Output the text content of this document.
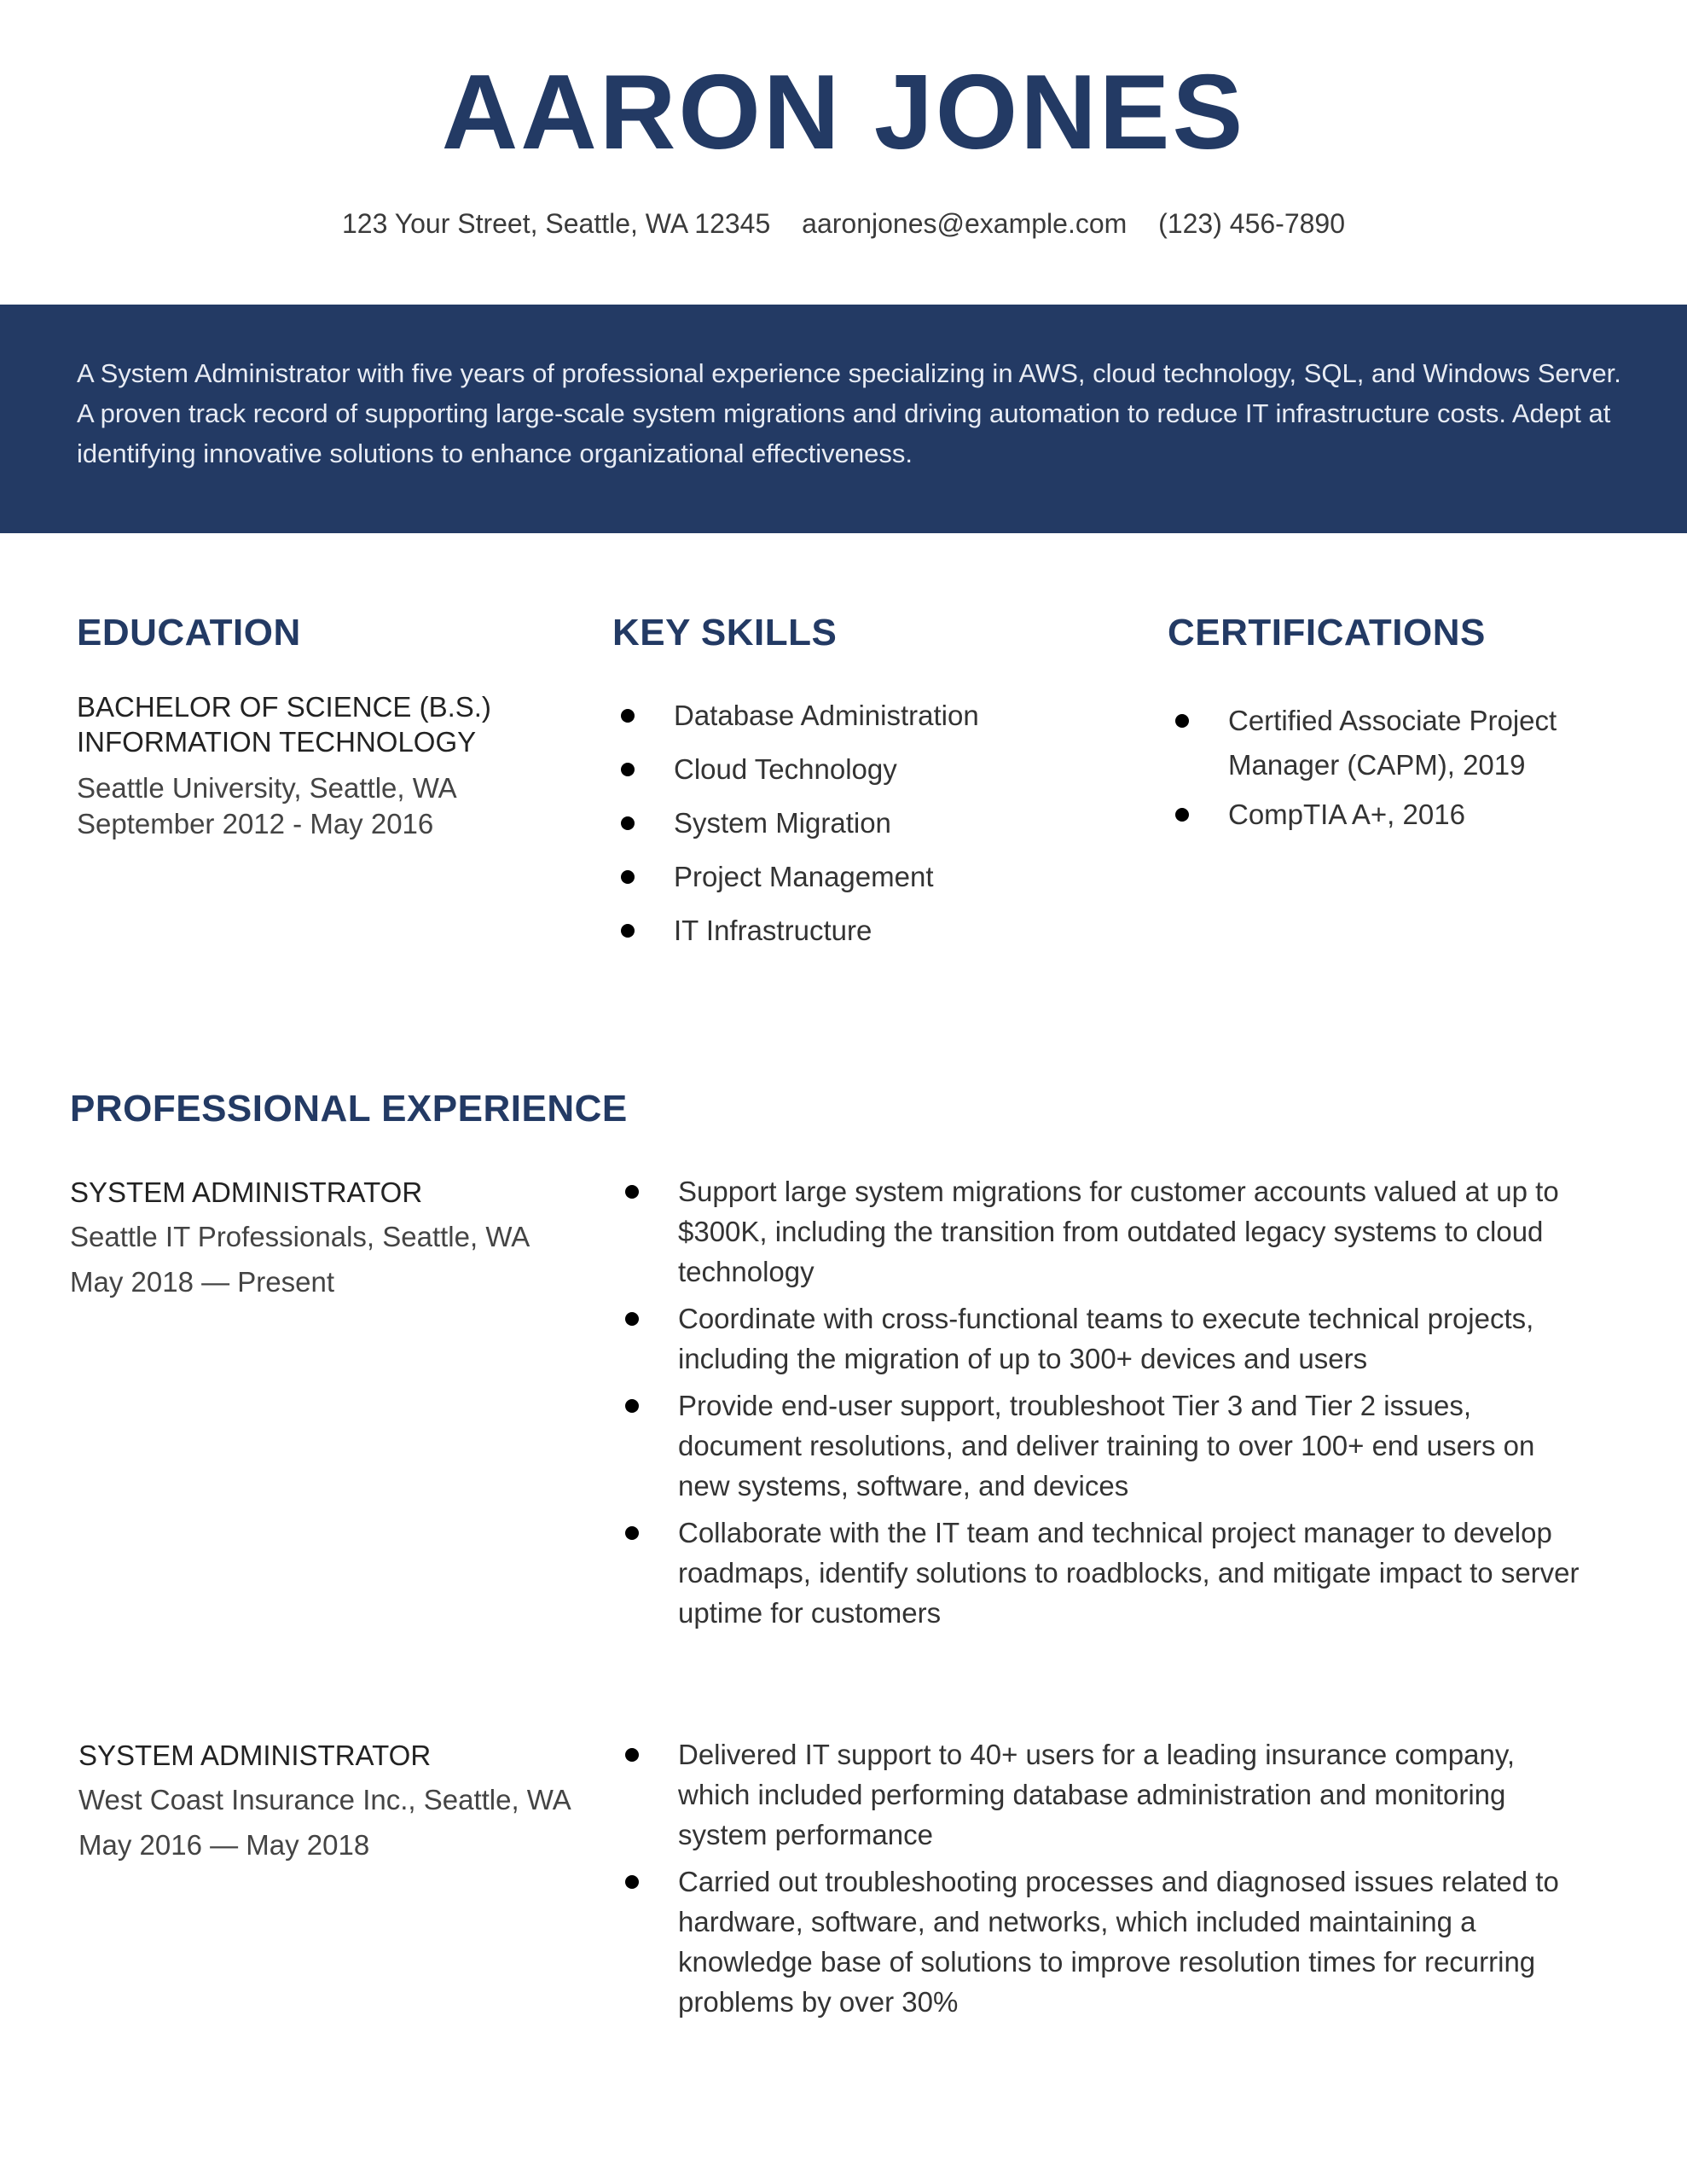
AARON JONES
123 Your Street, Seattle, WA 12345 aaronjones@example.com (123) 456-7890
A System Administrator with five years of professional experience specializing in AWS, cloud technology, SQL, and Windows Server. A proven track record of supporting large-scale system migrations and driving automation to reduce IT infrastructure costs. Adept at identifying innovative solutions to enhance organizational effectiveness.
EDUCATION
BACHELOR OF SCIENCE (B.S.)
INFORMATION TECHNOLOGY
Seattle University, Seattle, WA
September 2012 - May 2016
KEY SKILLS
Database Administration
Cloud Technology
System Migration
Project Management
IT Infrastructure
CERTIFICATIONS
Certified Associate Project Manager (CAPM), 2019
CompTIA A+, 2016
PROFESSIONAL EXPERIENCE
SYSTEM ADMINISTRATOR
Seattle IT Professionals, Seattle, WA
May 2018 — Present
Support large system migrations for customer accounts valued at up to $300K, including the transition from outdated legacy systems to cloud technology
Coordinate with cross-functional teams to execute technical projects, including the migration of up to 300+ devices and users
Provide end-user support, troubleshoot Tier 3 and Tier 2 issues, document resolutions, and deliver training to over 100+ end users on new systems, software, and devices
Collaborate with the IT team and technical project manager to develop roadmaps, identify solutions to roadblocks, and mitigate impact to server uptime for customers
SYSTEM ADMINISTRATOR
West Coast Insurance Inc., Seattle, WA
May 2016 — May 2018
Delivered IT support to 40+ users for a leading insurance company, which included performing database administration and monitoring system performance
Carried out troubleshooting processes and diagnosed issues related to hardware, software, and networks, which included maintaining a knowledge base of solutions to improve resolution times for recurring problems by over 30%
